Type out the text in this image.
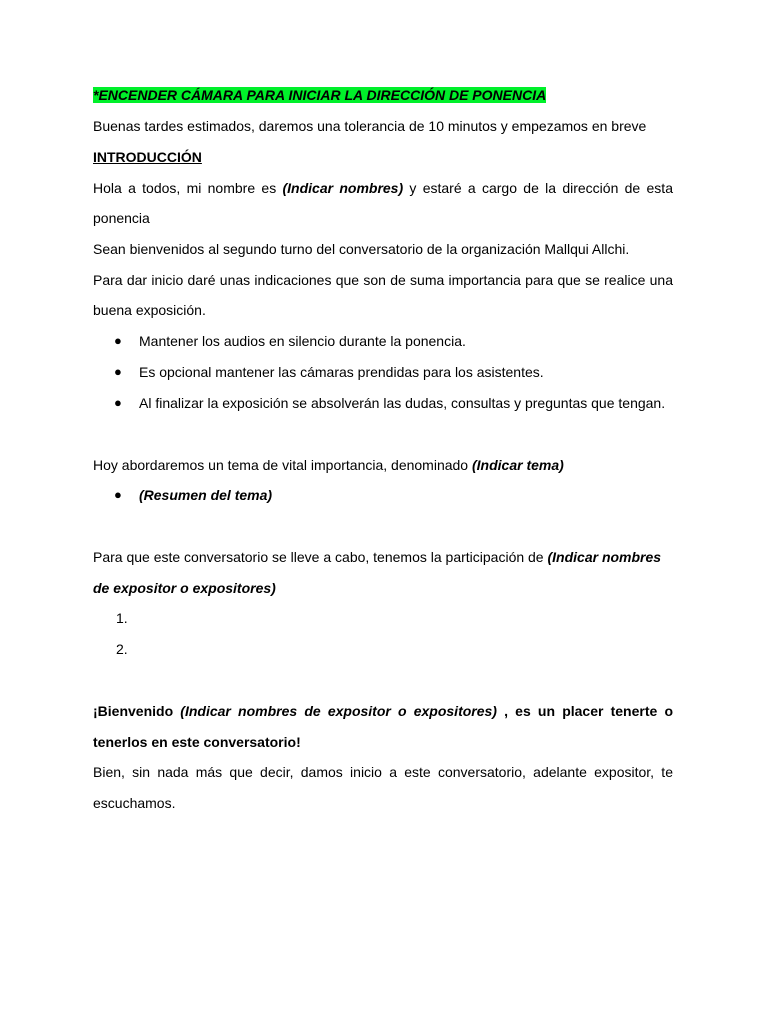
*ENCENDER CÁMARA PARA INICIAR LA DIRECCIÓN DE PONENCIA
Buenas tardes estimados, daremos una tolerancia de 10 minutos y empezamos en breve
INTRODUCCIÓN
Hola a todos, mi nombre es (Indicar nombres) y estaré a cargo de la dirección de esta
ponencia
Sean bienvenidos al segundo turno del conversatorio de la organización Mallqui Allchi.
Para dar inicio daré unas indicaciones que son de suma importancia para que se realice una
buena exposición.
● Mantener los audios en silencio durante la ponencia.
● Es opcional mantener las cámaras prendidas para los asistentes.
● Al finalizar la exposición se absolverán las dudas, consultas y preguntas que tengan.
Hoy abordaremos un tema de vital importancia, denominado (Indicar tema)
● (Resumen del tema)
Para que este conversatorio se lleve a cabo, tenemos la participación de (Indicar nombres
de expositor o expositores)
1.
2.
¡Bienvenido (Indicar nombres de expositor o expositores) , es un placer tenerte o
tenerlos en este conversatorio!
Bien, sin nada más que decir, damos inicio a este conversatorio, adelante expositor, te
escuchamos.
